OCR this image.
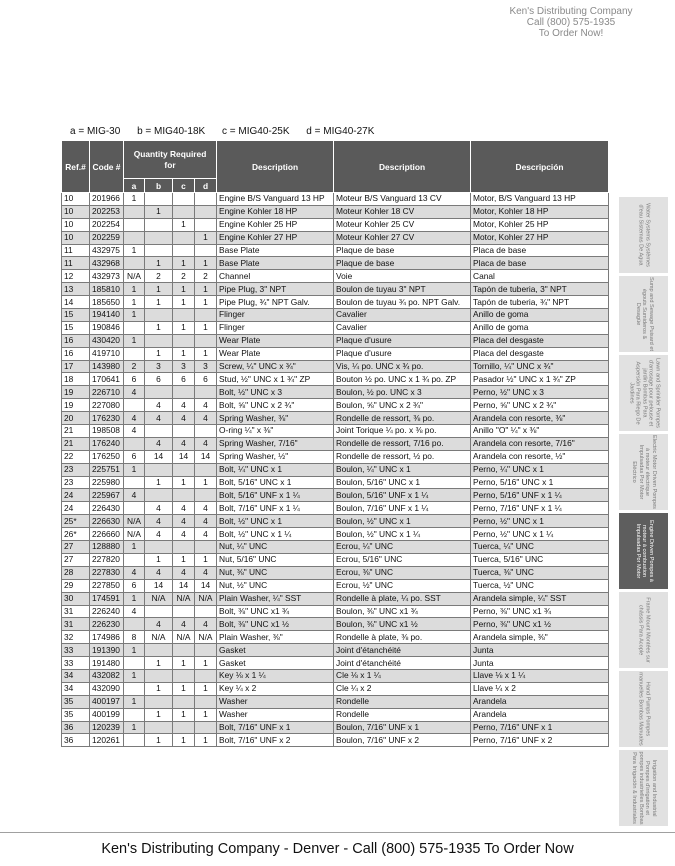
Ken's Distributing Company
Call (800) 575-1935
To Order Now!
a = MIG-30 b = MIG40-18K c = MIG40-25K d = MIG40-27K
Ref.#	Code #	Quantity Required for				Description	Description	Descripción
		a	b	c	d			
10	201966	1				Engine B/S Vanguard 13 HP	Moteur B/S Vanguard 13 CV	Motor, B/S Vanguard 13 HP
10	202253		1			Engine Kohler 18 HP	Moteur Kohler 18 CV	Motor, Kohler 18 HP
10	202254			1		Engine Kohler 25 HP	Moteur Kohler 25 CV	Motor, Kohler 25 HP
10	202259				1	Engine Kohler 27 HP	Moteur Kohler 27 CV	Motor, Kohler 27 HP
11	432975	1				Base Plate	Plaque de base	Placa de base
11	432968		1	1	1	Base Plate	Plaque de base	Placa de base
12	432973	N/A	2	2	2	Channel	Voie	Canal
13	185810	1	1	1	1	Pipe Plug, 3" NPT	Boulon de tuyau 3" NPT	Tapón de tuberia, 3" NPT
14	185650	1	1	1	1	Pipe Plug, ¾" NPT Galv.	Boulon de tuyau ¾ po. NPT Galv.	Tapón de tuberia, ¾" NPT
15	194140	1				Flinger	Cavalier	Anillo de goma
15	190846		1	1	1	Flinger	Cavalier	Anillo de goma
16	430420	1				Wear Plate	Plaque d'usure	Placa del desgaste
16	419710		1	1	1	Wear Plate	Plaque d'usure	Placa del desgaste
17	143980	2	3	3	3	Screw, ¼" UNC x ¾"	Vis, ¼ po. UNC x ¾ po.	Tornillo, ¼" UNC x ¾"
18	170641	6	6	6	6	Stud, ½" UNC x 1 ¾" ZP	Bouton ½ po. UNC x 1 ¾ po. ZP	Pasador ½" UNC x 1 ¾" ZP
19	226710	4				Bolt, ½" UNC x 3	Boulon, ½ po. UNC x 3	Perno, ½" UNC x 3
19	227080		4	4	4	Bolt, ⅝" UNC x 2 ¾"	Boulon, ⅝" UNC x 2 ¾"	Perno, ⅝" UNC x 2 ¾"
20	176230	4	4	4	4	Spring Washer, ⅜"	Rondelle de ressort, ⅜ po.	Arandela con resorte, ⅜"
21	198508	4				O-ring ¼" x ⅜"	Joint Torique ¼ po. x ⅜ po.	Anillo "O" ¼" x ⅜"
21	176240		4	4	4	Spring Washer, 7/16"	Rondelle de ressort, 7/16 po.	Arandela con resorte, 7/16"
22	176250	6	14	14	14	Spring Washer, ½"	Rondelle de ressort, ½ po.	Arandela con resorte, ½"
23	225751	1				Bolt, ¼" UNC x 1	Boulon, ¼" UNC x 1	Perno, ¼" UNC x 1
23	225980		1	1	1	Bolt, 5/16" UNC x 1	Boulon, 5/16" UNC x 1	Perno, 5/16" UNC x 1
24	225967	4				Bolt, 5/16" UNF x 1 ¼	Boulon, 5/16" UNF x 1 ¼	Perno, 5/16" UNF x 1 ¼
24	226430		4	4	4	Bolt, 7/16" UNF x 1 ¼	Boulon, 7/16" UNF x 1 ¼	Perno, 7/16" UNF x 1 ¼
25*	226630	N/A	4	4	4	Bolt, ½" UNC x 1	Boulon, ½" UNC x 1	Perno, ½" UNC x 1
26*	226660	N/A	4	4	4	Bolt, ½" UNC x 1 ¼	Boulon, ½" UNC x 1 ¼	Perno, ½" UNC x 1 ¼
27	128880	1				Nut, ¼" UNC	Ecrou, ¼" UNC	Tuerca, ¼" UNC
27	227820		1	1	1	Nut, 5/16" UNC	Ecrou, 5/16" UNC	Tuerca, 5/16" UNC
28	227830	4	4	4	4	Nut, ⅜" UNC	Ecrou, ⅜" UNC	Tuerca, ⅜" UNC
29	227850	6	14	14	14	Nut, ½" UNC	Ecrou, ½" UNC	Tuerca, ½" UNC
30	174591	1	N/A	N/A	N/A	Plain Washer, ¼" SST	Rondelle à plate, ¼ po. SST	Arandela simple, ¼" SST
31	226240	4				Bolt, ⅜" UNC x1 ¾	Boulon, ⅜" UNC x1 ¾	Perno, ⅜" UNC x1 ¾
31	226230		4	4	4	Bolt, ⅜" UNC x1 ½	Boulon, ⅜" UNC x1 ½	Perno, ⅜" UNC x1 ½
32	174986	8	N/A	N/A	N/A	Plain Washer, ⅜"	Rondelle à plate, ⅜ po.	Arandela simple, ⅜"
33	191390	1				Gasket	Joint d'étanchéité	Junta
33	191480		1	1	1	Gasket	Joint d'étanchéité	Junta
34	432082	1				Key ⅛ x 1 ¼	Cle ⅛ x 1 ¼	Llave ⅛ x 1 ¼
34	432090		1	1	1	Key ¼ x 2	Cle ¼ x 2	Llave ¼ x 2
35	400197	1				Washer	Rondelle	Arandela
35	400199		1	1	1	Washer	Rondelle	Arandela
36	120239	1				Bolt, 7/16" UNF x 1	Boulon, 7/16" UNF x 1	Perno, 7/16" UNF x 1
36	120261		1	1	1	Bolt, 7/16" UNF x 2	Boulon, 7/16" UNF x 2	Perno, 7/16" UNF x 2
Water Systems Systèmes d'eau Sistemas De Agua
Sump and Sewage Puisard et égouts Sumideros & Desagüe
Lawn and Sprinkler Pompes d'arrosage pour pelouse et jardin Bombas Para Aspersión Para Riego De Jardines
Electric Motor Driven Pompes à moteur électrique Impulsadas Por Motor Eléctrico
Engine Driven Pompes à moteur à combustion Impulsadas Por Motor
Frame Mount Montées sur châssis Para Acople
Hand Pumps Pompes manuelles Bombas Manuales
Irrigation and Industrial Pompes d'irrigation et pompes industrielles Bombas Para Irrigación & Industriales
Ken's Distributing Company - Denver - Call (800) 575-1935 To Order Now
